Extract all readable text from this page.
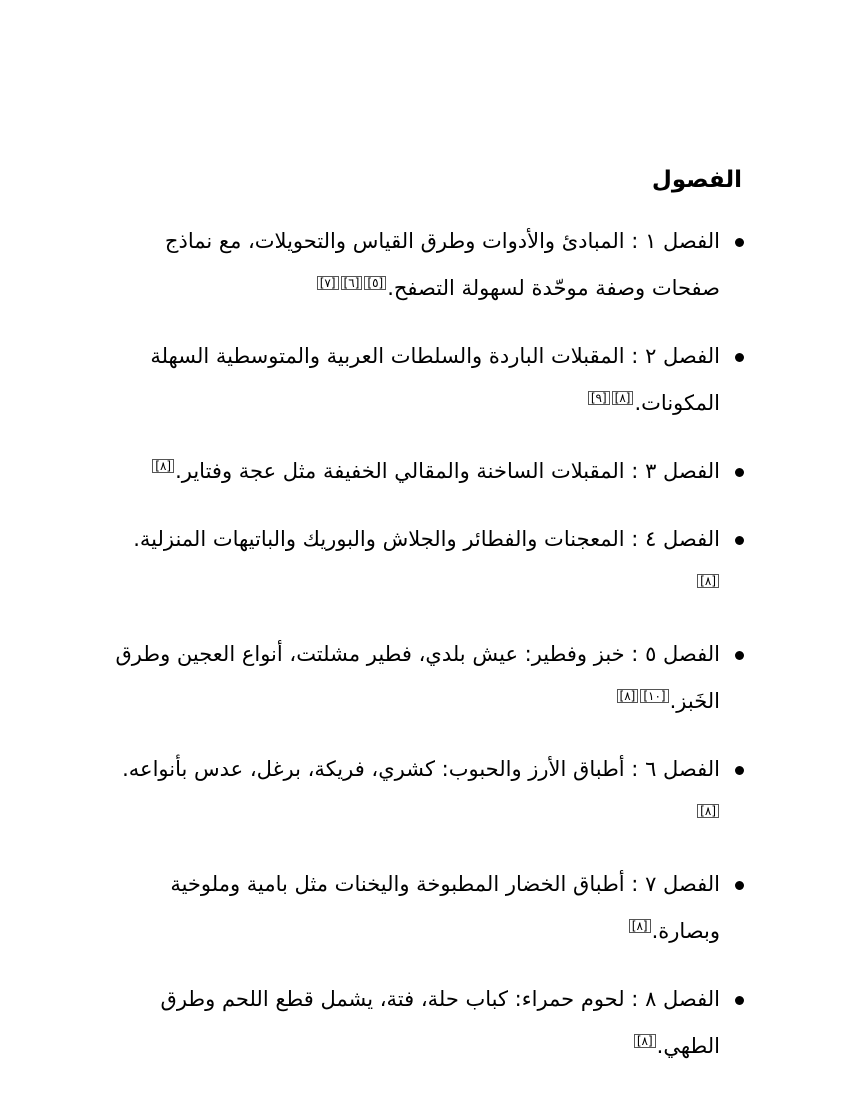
الفصول
الفصل ١ : المبادئ والأدوات وطرق القياس والتحويلات، مع نماذج صفحات وصفة موحّدة لسهولة التصفح.[٥][٦][٧]
الفصل ٢ : المقبلات الباردة والسلطات العربية والمتوسطية السهلة المكونات.[٨][٩]
الفصل ٣ : المقبلات الساخنة والمقالي الخفيفة مثل عجة وفتاير.[٨]
الفصل ٤ : المعجنات والفطائر والجلاش والبوريك والباتيهات المنزلية.[٨]
الفصل ٥ : خبز وفطير: عيش بلدي، فطير مشلتت، أنواع العجين وطرق الخَبز.[١٠][٨]
الفصل ٦ : أطباق الأرز والحبوب: كشري، فريكة، برغل، عدس بأنواعه.[٨]
الفصل ٧ : أطباق الخضار المطبوخة واليخنات مثل بامية وملوخية وبصارة.[٨]
الفصل ٨ : لحوم حمراء: كباب حلة، فتة، يشمل قطع اللحم وطرق الطهي.[٨]
